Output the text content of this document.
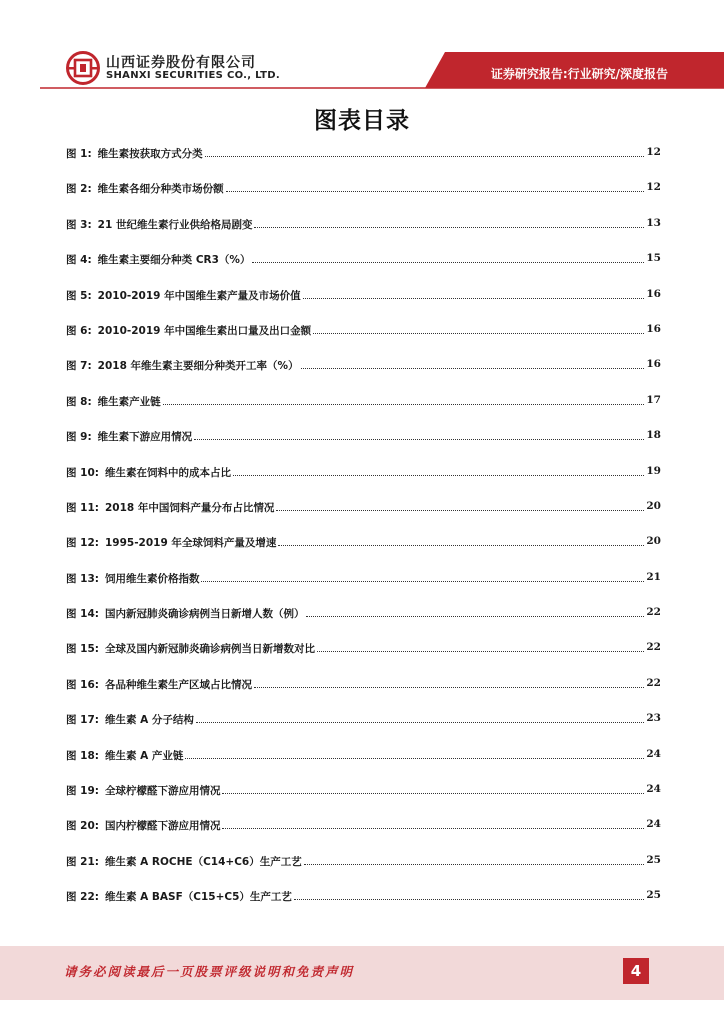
山西证券股份有限公司
SHANXI SECURITIES CO., LTD.	证券研究报告:行业研究/深度报告
图表目录
图 1: 维生素按获取方式分类	12
图 2: 维生素各细分种类市场份额	12
图 3: 21 世纪维生素行业供给格局剧变	13
图 4: 维生素主要细分种类 CR3（%）	15
图 5: 2010-2019 年中国维生素产量及市场价值	16
图 6: 2010-2019 年中国维生素出口量及出口金额	16
图 7: 2018 年维生素主要细分种类开工率（%）	16
图 8: 维生素产业链	17
图 9: 维生素下游应用情况	18
图 10: 维生素在饲料中的成本占比	19
图 11: 2018 年中国饲料产量分布占比情况	20
图 12: 1995-2019 年全球饲料产量及增速	20
图 13: 饲用维生素价格指数	21
图 14: 国内新冠肺炎确诊病例当日新增人数（例）	22
图 15: 全球及国内新冠肺炎确诊病例当日新增数对比	22
图 16: 各品种维生素生产区域占比情况	22
图 17: 维生素 A 分子结构	23
图 18: 维生素 A 产业链	24
图 19: 全球柠檬醛下游应用情况	24
图 20: 国内柠檬醛下游应用情况	24
图 21: 维生素 A ROCHE（C14+C6）生产工艺	25
图 22: 维生素 A BASF（C15+C5）生产工艺	25
请务必阅读最后一页股票评级说明和免责声明	4
